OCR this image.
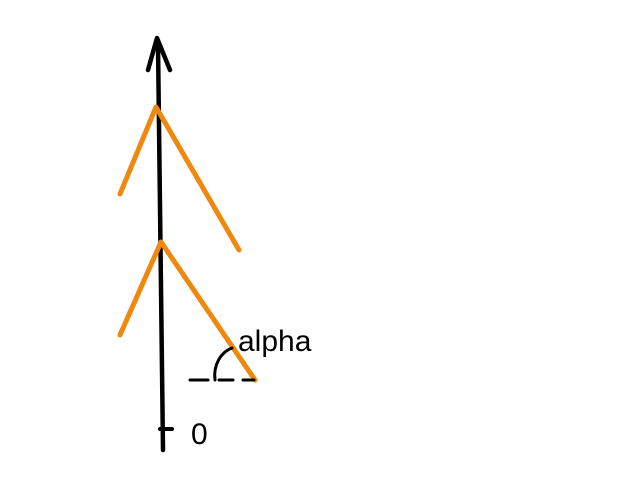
alpha
0
